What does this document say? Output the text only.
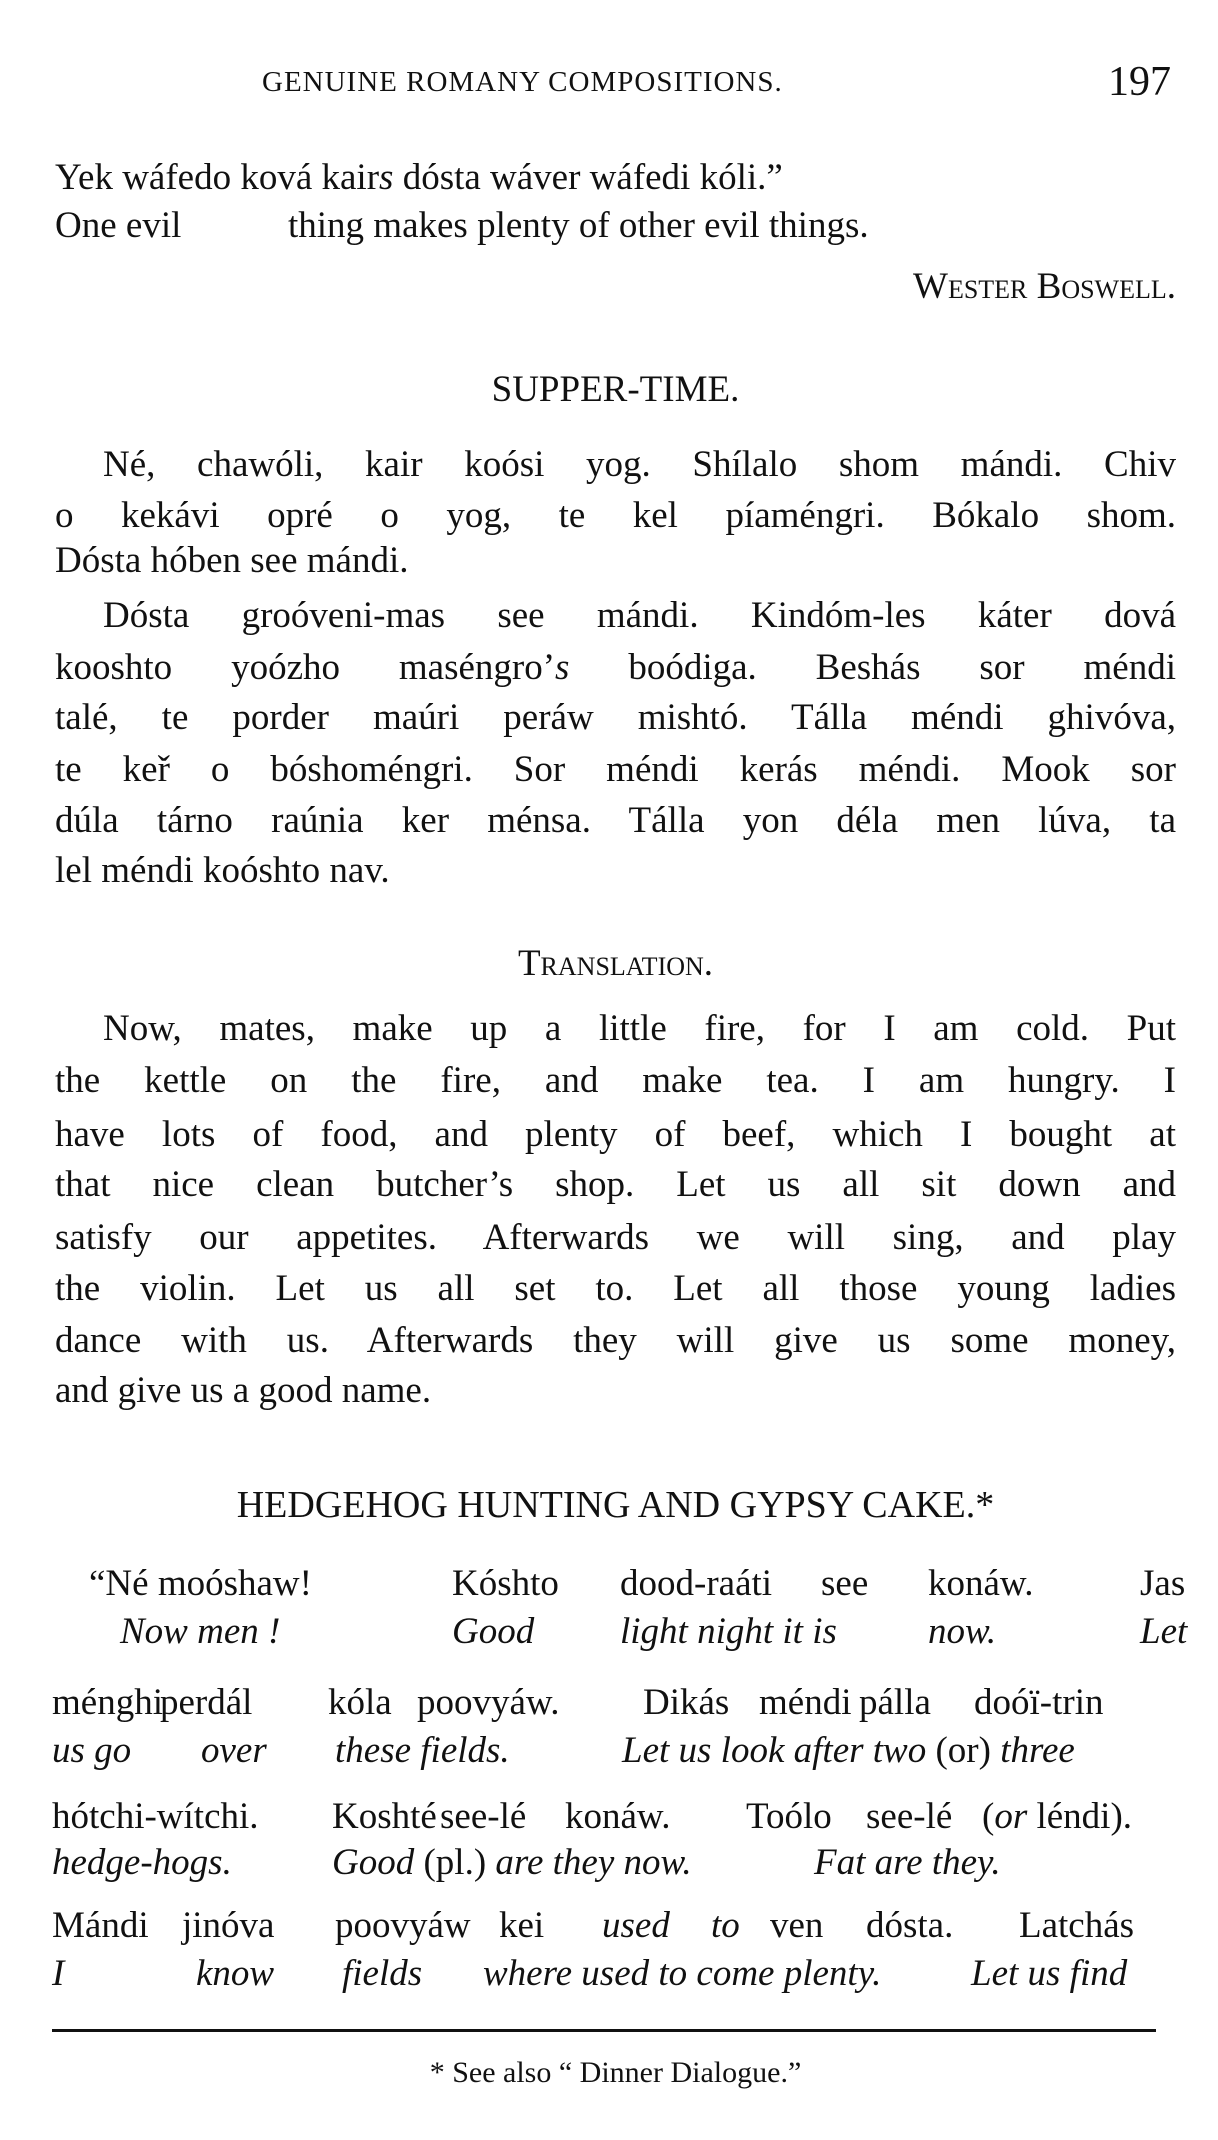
GENUINE ROMANY COMPOSITIONS.	197
Yek wáfedo ková kairs dósta wáver wáfedi kóli.”
One evil	thing makes plenty of other evil things.
Wester Boswell.
SUPPER-TIME.
Né, chawóli, kair koósi yog. Shílalo shom mándi. Chiv
o kekávi opré o yog, te kel píaméngri. Bókalo shom.
Dósta hóben see mándi.
Dósta groóveni-mas see mándi. Kindóm-les káter dová
kooshto yoózho maséngro’s boódiga. Beshás sor méndi
talé, te porder maúri peráw mishtó. Tálla méndi ghivóva,
te keř o bóshoméngri. Sor méndi kerás méndi. Mook sor
dúla tárno raúnia ker ménsa. Tálla yon déla men lúva, ta
lel méndi koóshto nav.
Translation.
Now, mates, make up a little fire, for I am cold. Put
the kettle on the fire, and make tea. I am hungry. I
have lots of food, and plenty of beef, which I bought at
that nice clean butcher’s shop. Let us all sit down and
satisfy our appetites. Afterwards we will sing, and play
the violin. Let us all set to. Let all those young ladies
dance with us. Afterwards they will give us some money,
and give us a good name.
HEDGEHOG HUNTING AND GYPSY CAKE.*
“Né moóshaw!	Kóshto dood-raáti see konáw.	Jas
Now men !	Good light night it is now.	Let
ménghi
perdál kóla poovyáw. Dikás méndi pálla doóï-trin
us go over these fields.	Let us look after two (or) three
hótchi-wítchi. Koshté see-lé konáw. Toólo see-lé (or léndi).
hedge-hogs.	Good (pl.) are they now.	Fat are they.
Mándi jinóva poovyáw kei used to ven dósta. Latchás
I	know fields where used to come plenty. Let us find
* See also “ Dinner Dialogue.”
